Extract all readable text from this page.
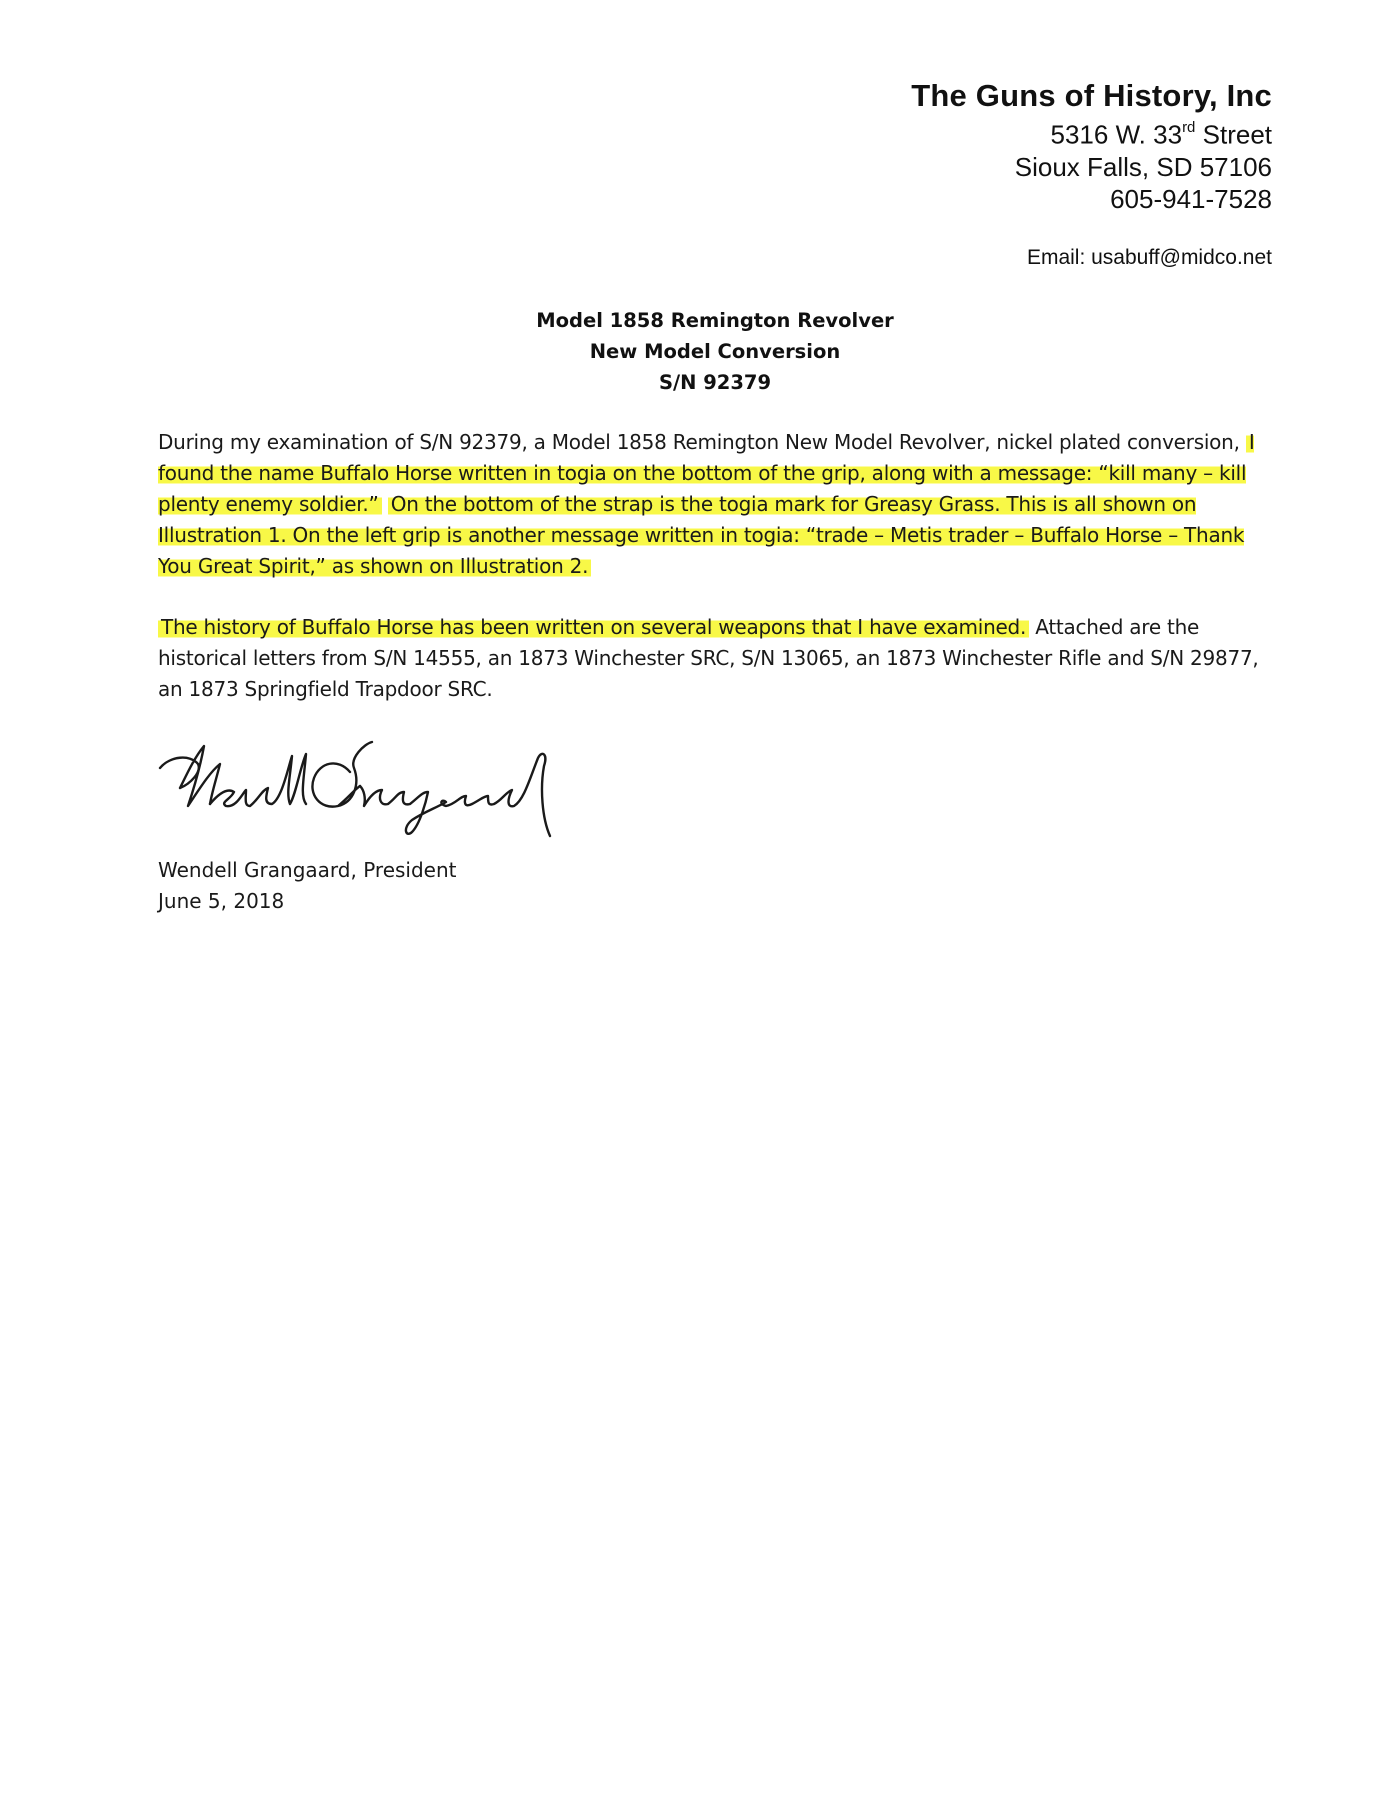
The Guns of History, Inc
5316 W. 33rd Street
Sioux Falls, SD 57106
605-941-7528
Email: usabuff@midco.net
Model 1858 Remington Revolver
New Model Conversion
S/N 92379
During my examination of S/N 92379, a Model 1858 Remington New Model Revolver, nickel plated conversion, I found the name Buffalo Horse written in togia on the bottom of the grip, along with a message: “kill many – kill plenty enemy soldier.” On the bottom of the strap is the togia mark for Greasy Grass. This is all shown on Illustration 1. On the left grip is another message written in togia: “trade – Metis trader – Buffalo Horse – Thank You Great Spirit,” as shown on Illustration 2.
The history of Buffalo Horse has been written on several weapons that I have examined. Attached are the historical letters from S/N 14555, an 1873 Winchester SRC, S/N 13065, an 1873 Winchester Rifle and S/N 29877, an 1873 Springfield Trapdoor SRC.
Wendell Grangaard, President
June 5, 2018
